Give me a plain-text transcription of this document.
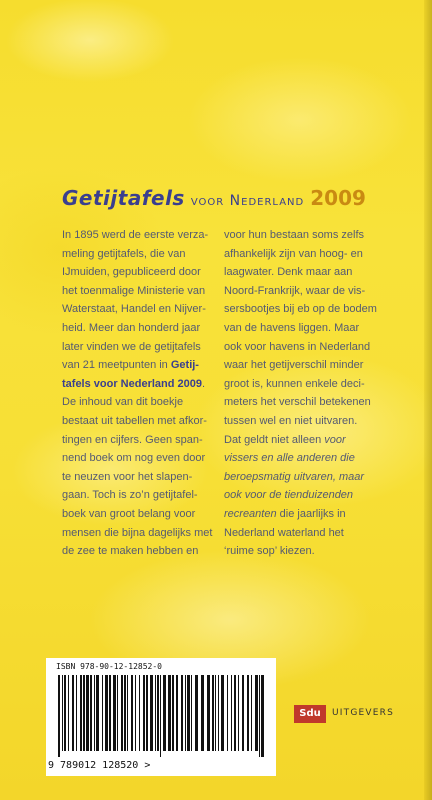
Getijtafels voor Nederland 2009
In 1895 werd de eerste verza-
meling getijtafels, die van
IJmuiden, gepubliceerd door
het toenmalige Ministerie van
Waterstaat, Handel en Nijver-
heid. Meer dan honderd jaar
later vinden we de getijtafels
van 21 meetpunten in Getij-
tafels voor Nederland 2009.
De inhoud van dit boekje
bestaat uit tabellen met afkor-
tingen en cijfers. Geen span-
nend boek om nog even door
te neuzen voor het slapen-
gaan. Toch is zo’n getijtafel-
boek van groot belang voor
mensen die bijna dagelijks met
de zee te maken hebben en
voor hun bestaan soms zelfs
afhankelijk zijn van hoog- en
laagwater. Denk maar aan
Noord-Frankrijk, waar de vis-
sersbootjes bij eb op de bodem
van de havens liggen. Maar
ook voor havens in Nederland
waar het getijverschil minder
groot is, kunnen enkele deci-
meters het verschil betekenen
tussen wel en niet uitvaren.
Dat geldt niet alleen voor
vissers en alle anderen die
beroepsmatig uitvaren, maar
ook voor de tienduizenden
recreanten die jaarlijks in
Nederland waterland het
‘ruime sop’ kiezen.
ISBN 978-90-12-12852-0
9 789012 128520 >
Sdu	UITGEVERS
